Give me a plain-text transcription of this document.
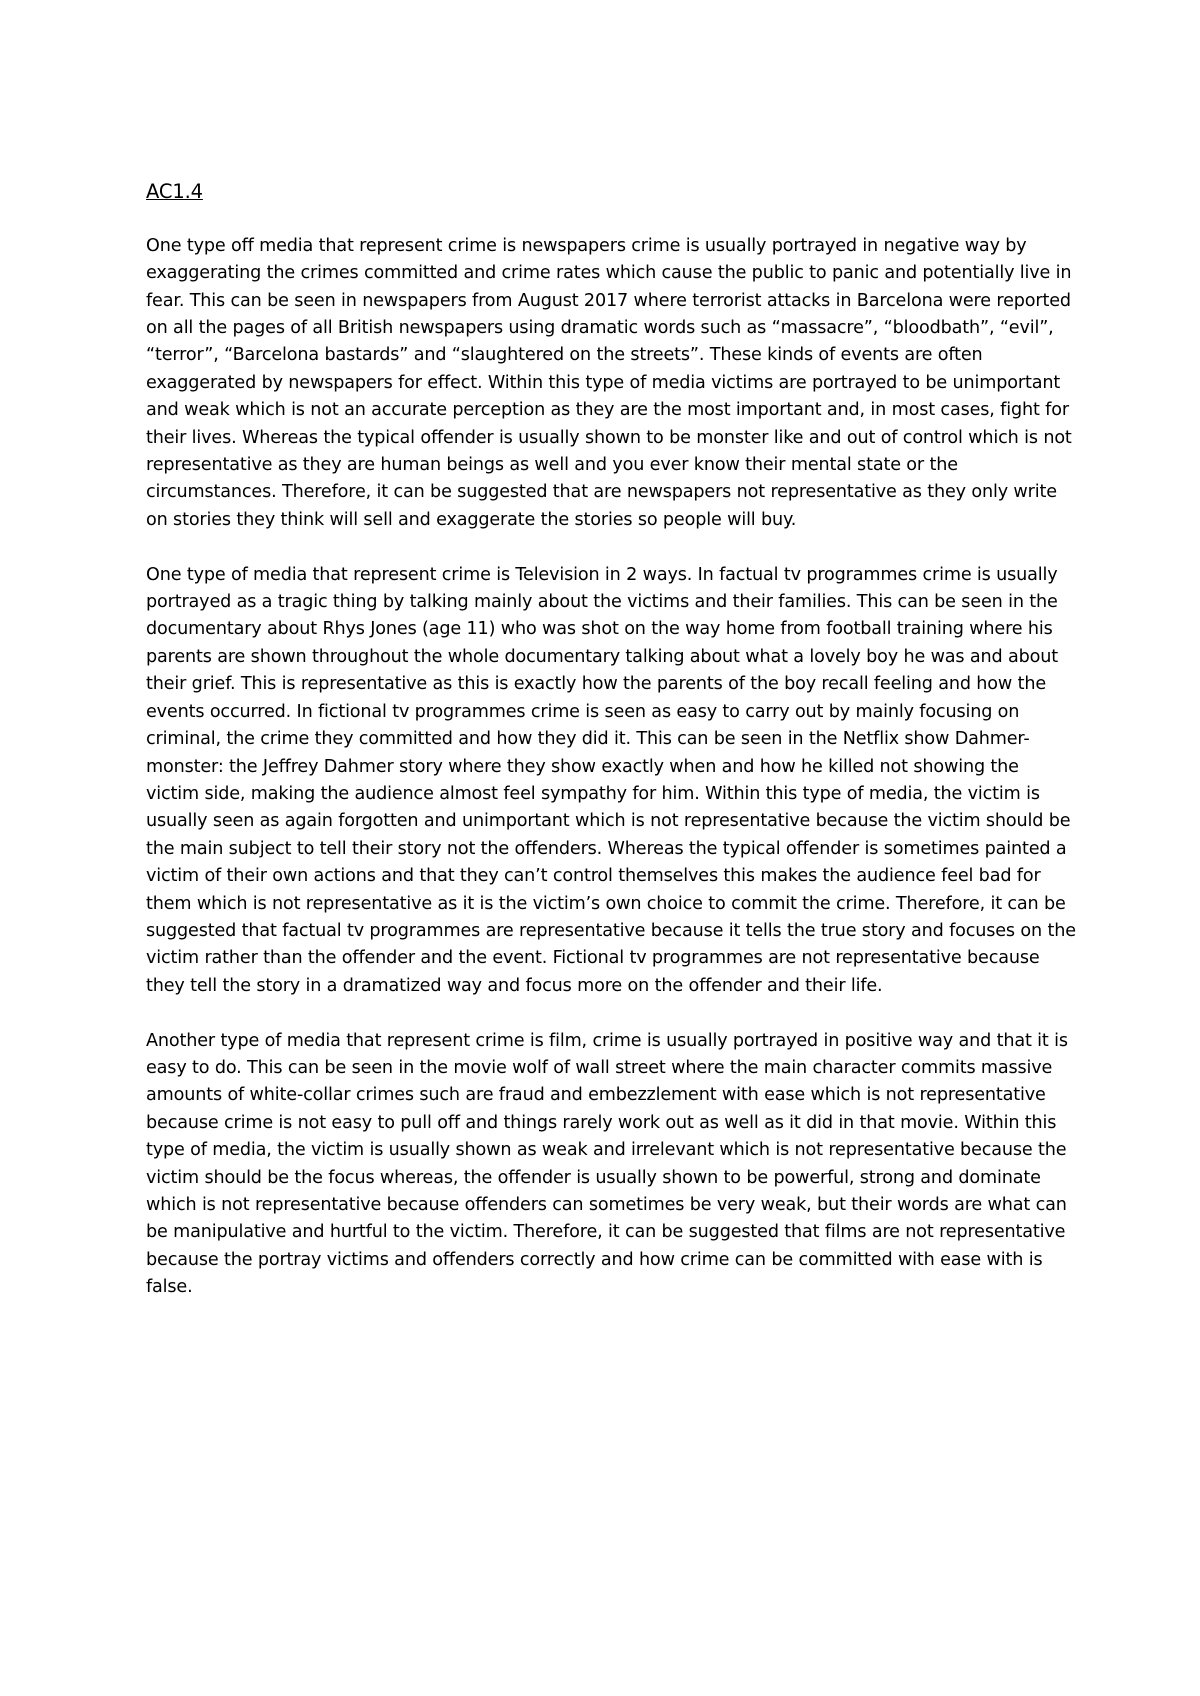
AC1.4

One type off media that represent crime is newspapers crime is usually portrayed in negative way by exaggerating the crimes committed and crime rates which cause the public to panic and potentially live in fear. This can be seen in newspapers from August 2017 where terrorist attacks in Barcelona were reported on all the pages of all British newspapers using dramatic words such as “massacre”, “bloodbath”, “evil”, “terror”, “Barcelona bastards” and “slaughtered on the streets”. These kinds of events are often exaggerated by newspapers for effect. Within this type of media victims are portrayed to be unimportant and weak which is not an accurate perception as they are the most important and, in most cases, fight for their lives. Whereas the typical offender is usually shown to be monster like and out of control which is not representative as they are human beings as well and you ever know their mental state or the circumstances. Therefore, it can be suggested that are newspapers not representative as they only write on stories they think will sell and exaggerate the stories so people will buy.

One type of media that represent crime is Television in 2 ways. In factual tv programmes crime is usually portrayed as a tragic thing by talking mainly about the victims and their families. This can be seen in the documentary about Rhys Jones (age 11) who was shot on the way home from football training where his parents are shown throughout the whole documentary talking about what a lovely boy he was and about their grief. This is representative as this is exactly how the parents of the boy recall feeling and how the events occurred. In fictional tv programmes crime is seen as easy to carry out by mainly focusing on criminal, the crime they committed and how they did it. This can be seen in the Netflix show Dahmer-monster: the Jeffrey Dahmer story where they show exactly when and how he killed not showing the victim side, making the audience almost feel sympathy for him. Within this type of media, the victim is usually seen as again forgotten and unimportant which is not representative because the victim should be the main subject to tell their story not the offenders. Whereas the typical offender is sometimes painted a victim of their own actions and that they can’t control themselves this makes the audience feel bad for them which is not representative as it is the victim’s own choice to commit the crime. Therefore, it can be suggested that factual tv programmes are representative because it tells the true story and focuses on the victim rather than the offender and the event. Fictional tv programmes are not representative because they tell the story in a dramatized way and focus more on the offender and their life.

Another type of media that represent crime is film, crime is usually portrayed in positive way and that it is easy to do. This can be seen in the movie wolf of wall street where the main character commits massive amounts of white-collar crimes such are fraud and embezzlement with ease which is not representative because crime is not easy to pull off and things rarely work out as well as it did in that movie. Within this type of media, the victim is usually shown as weak and irrelevant which is not representative because the victim should be the focus whereas, the offender is usually shown to be powerful, strong and dominate which is not representative because offenders can sometimes be very weak, but their words are what can be manipulative and hurtful to the victim. Therefore, it can be suggested that films are not representative because the portray victims and offenders correctly and how crime can be committed with ease with is false.
